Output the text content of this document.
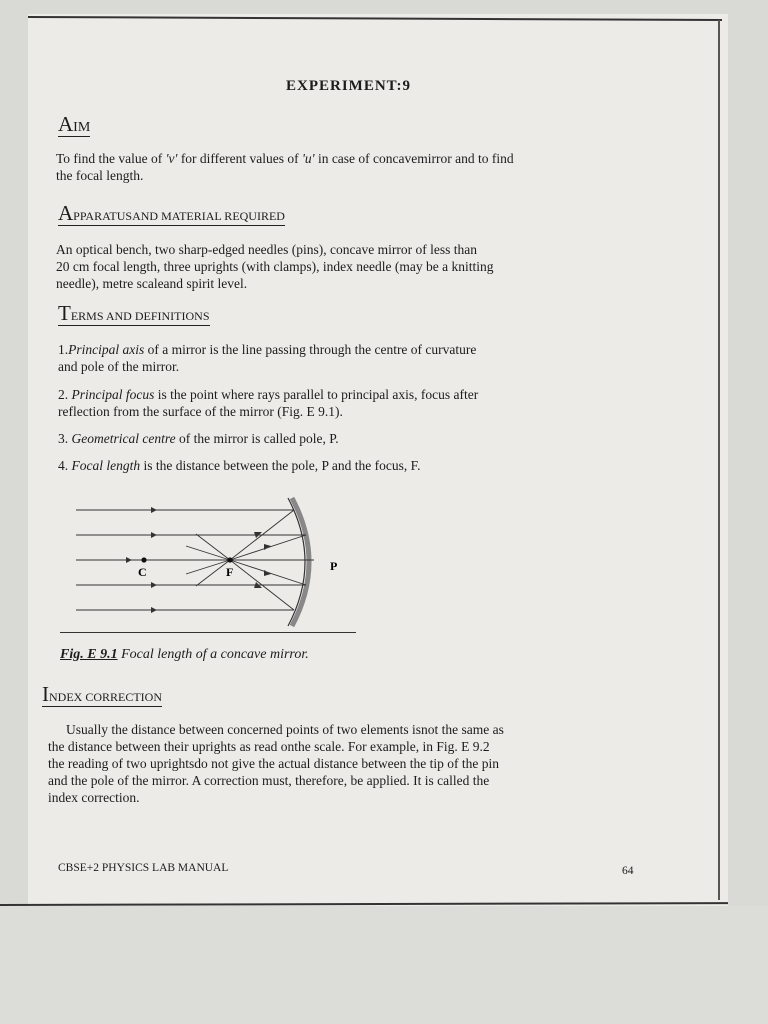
EXPERIMENT:9
AIM
To find the value of 'v' for different values of 'u' in case of concavemirror and to find
the focal length.
APPARATUSAND MATERIAL REQUIRED
An optical bench, two sharp-edged needles (pins), concave mirror of less than
20 cm focal length, three uprights (with clamps), index needle (may be a knitting
needle), metre scaleand spirit level.
TERMS AND DEFINITIONS
1.Principal axis of a mirror is the line passing through the centre of curvature
and pole of the mirror.
2. Principal focus is the point where rays parallel to principal axis, focus after
reflection from the surface of the mirror (Fig. E 9.1).
3. Geometrical centre of the mirror is called pole, P.
4. Focal length is the distance between the pole, P and the focus, F.
C	F	P
Fig. E 9.1 Focal length of a concave mirror.
INDEX CORRECTION
Usually the distance between concerned points of two elements isnot the same as
the distance between their uprights as read onthe scale. For example, in Fig. E 9.2
the reading of two uprightsdo not give the actual distance between the tip of the pin
and the pole of the mirror. A correction must, therefore, be applied. It is called the
index correction.
CBSE+2 PHYSICS LAB MANUAL	64
